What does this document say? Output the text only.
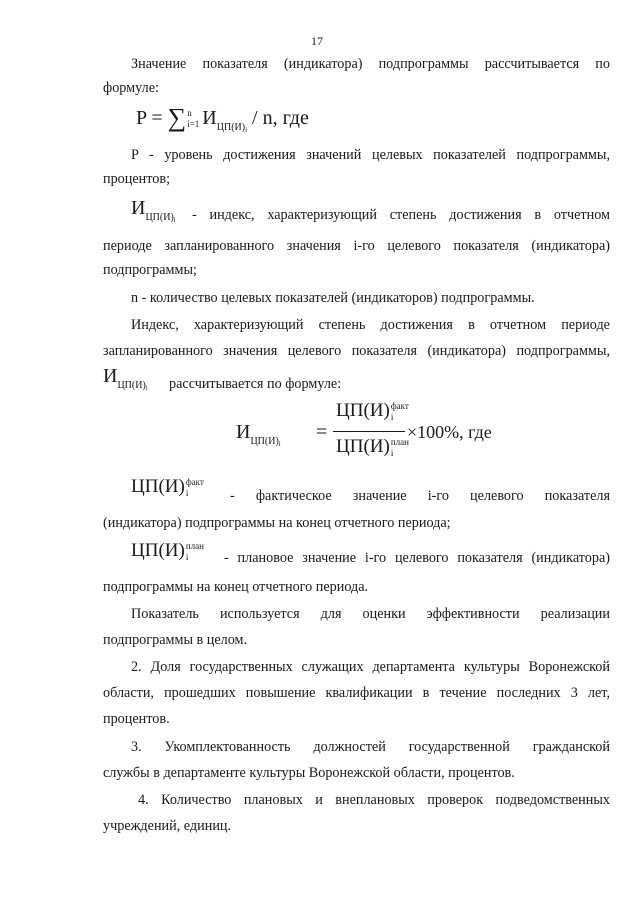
17
Значение показателя (индикатора) подпрограммы рассчитывается по
формуле:
P = ∑ n
i=1 $И_{ЦП(И)i}$ / n, где
P - уровень достижения значений целевых показателей подпрограммы,
процентов;
$И_{ЦП(И)i}$ - индекс, характеризующий степень достижения в отчетном
периоде запланированного значения i-го целевого показателя (индикатора)
подпрограммы;
n - количество целевых показателей (индикаторов) подпрограммы.
Индекс, характеризующий степень достижения в отчетном периоде
запланированного значения целевого показателя (индикатора) подпрограммы,
$И_{ЦП(И)i}$ рассчитывается по формуле:
$И_{ЦП(И)i}$
=
ЦП(И) факт
i
ЦП(И) план
i
×100%, где
ЦП(И) факт
i	- фактическое значение i-го целевого показателя
(индикатора) подпрограммы на конец отчетного периода;
ЦП(И) план
i	- плановое значение i-го целевого показателя (индикатора)
подпрограммы на конец отчетного периода.
Показатель используется для оценки эффективности реализации
подпрограммы в целом.
2. Доля государственных служащих департамента культуры Воронежской
области, прошедших повышение квалификации в течение последних 3 лет,
процентов.
3. Укомплектованность должностей государственной гражданской
службы в департаменте культуры Воронежской области, процентов.
4. Количество плановых и внеплановых проверок подведомственных
учреждений, единиц.
